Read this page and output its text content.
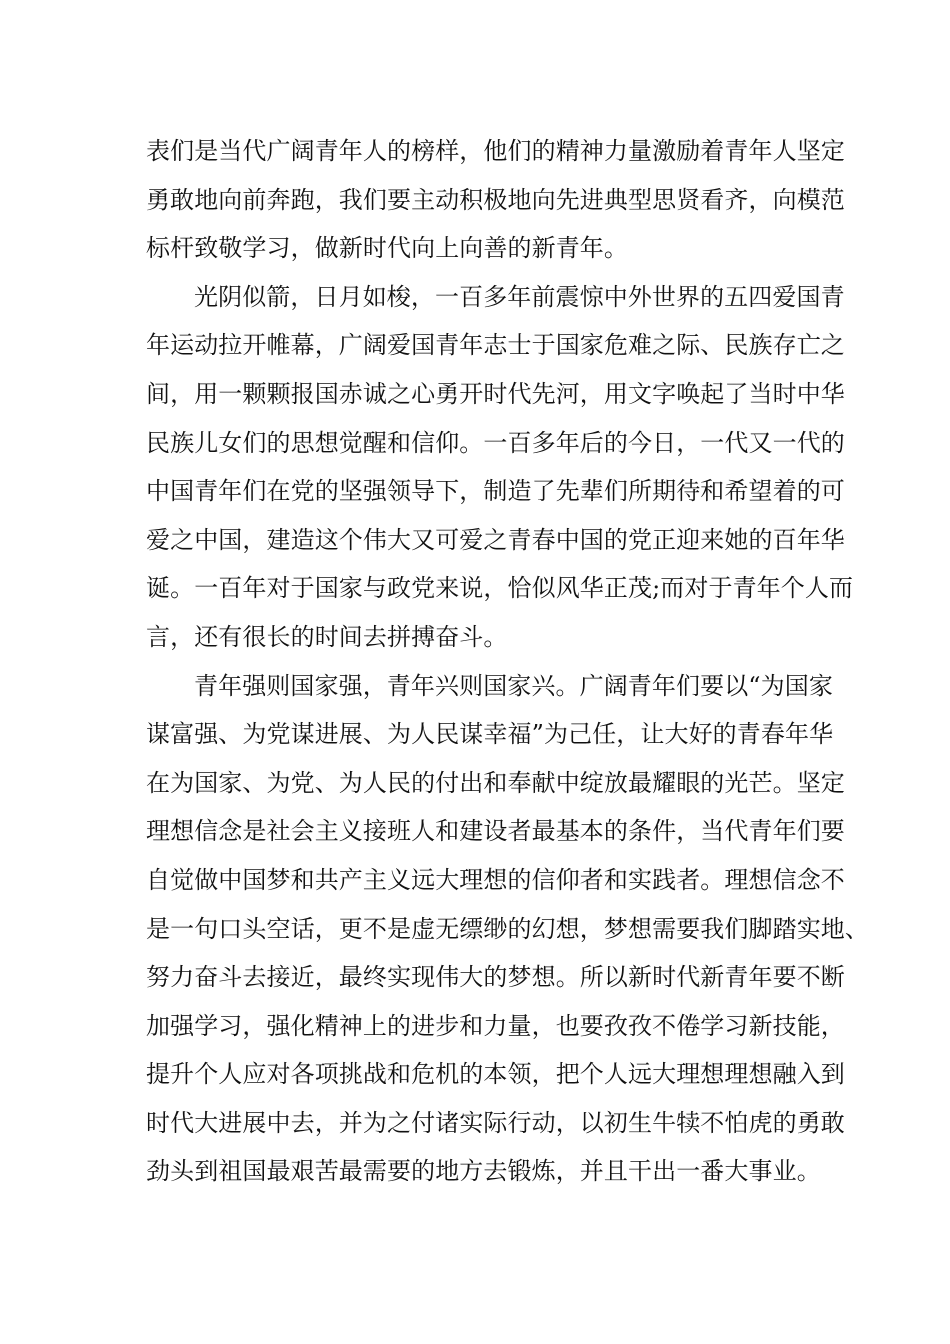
表们是当代广阔青年人的榜样，他们的精神力量激励着青年人坚定
勇敢地向前奔跑，我们要主动积极地向先进典型思贤看齐，向模范
标杆致敬学习，做新时代向上向善的新青年。
光阴似箭，日月如梭，一百多年前震惊中外世界的五四爱国青
年运动拉开帷幕，广阔爱国青年志士于国家危难之际、民族存亡之
间，用一颗颗报国赤诚之心勇开时代先河，用文字唤起了当时中华
民族儿女们的思想觉醒和信仰。一百多年后的今日，一代又一代的
中国青年们在党的坚强领导下，制造了先辈们所期待和希望着的可
爱之中国，建造这个伟大又可爱之青春中国的党正迎来她的百年华
诞。一百年对于国家与政党来说，恰似风华正茂;而对于青年个人而
言，还有很长的时间去拼搏奋斗。
青年强则国家强，青年兴则国家兴。广阔青年们要以“为国家
谋富强、为党谋进展、为人民谋幸福”为己任，让大好的青春年华
在为国家、为党、为人民的付出和奉献中绽放最耀眼的光芒。坚定
理想信念是社会主义接班人和建设者最基本的条件，当代青年们要
自觉做中国梦和共产主义远大理想的信仰者和实践者。理想信念不
是一句口头空话，更不是虚无缥缈的幻想，梦想需要我们脚踏实地、
努力奋斗去接近，最终实现伟大的梦想。所以新时代新青年要不断
加强学习，强化精神上的进步和力量，也要孜孜不倦学习新技能，
提升个人应对各项挑战和危机的本领，把个人远大理想理想融入到
时代大进展中去，并为之付诸实际行动，以初生牛犊不怕虎的勇敢
劲头到祖国最艰苦最需要的地方去锻炼，并且干出一番大事业。
